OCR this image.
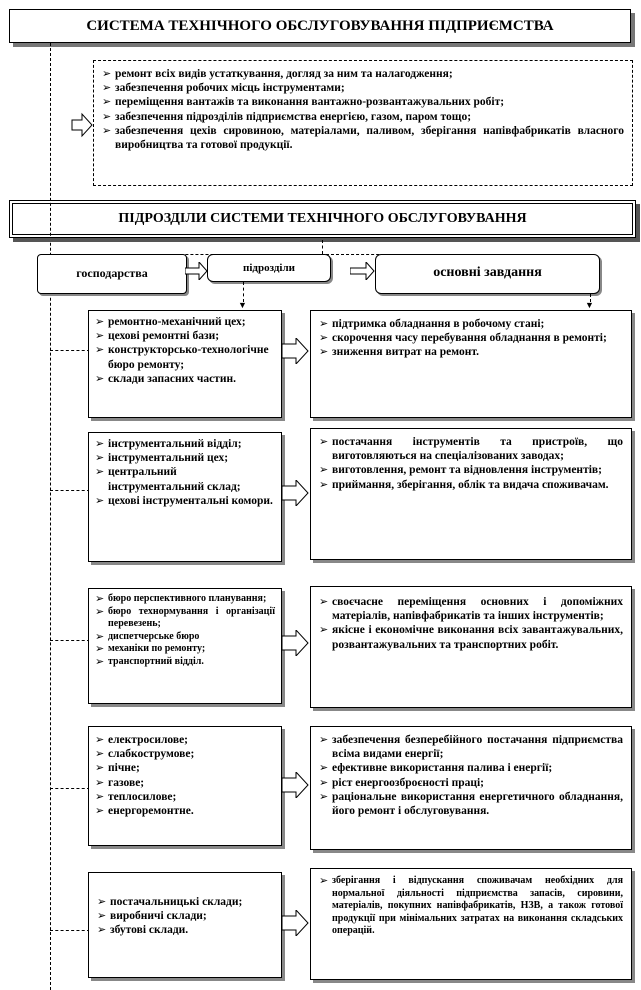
СИСТЕМА ТЕХНІЧНОГО ОБСЛУГОВУВАННЯ ПІДПРИЄМСТВА
➢ ремонт всіх видів устаткування, догляд за ним та налагодження;
➢ забезпечення робочих місць інструментами;
➢ переміщення вантажів та виконання вантажно-розвантажувальних робіт;
➢ забезпечення підрозділів підприємства енергією, газом, паром тощо;
➢ забезпечення цехів сировиною, матеріалами, паливом, зберігання напівфабрикатів власного виробництва та готової продукції.
ПІДРОЗДІЛИ СИСТЕМИ ТЕХНІЧНОГО ОБСЛУГОВУВАННЯ
господарства	підрозділи	основні завдання
▼	▼
➢ ремонтно-механічний цех;
➢ цехові ремонтні бази;
➢ конструкторсько-технологічне бюро ремонту;
➢ склади запасних частин.
➢ підтримка обладнання в робочому стані;
➢ скорочення часу перебування обладнання в ремонті;
➢ зниження витрат на ремонт.
➢ інструментальний відділ;
➢ інструментальний цех;
➢ центральний інструментальний склад;
➢ цехові інструментальні комори.
➢ постачання інструментів та пристроїв, що виготовляються на спеціалізованих заводах;
➢ виготовлення, ремонт та відновлення інструментів;
➢ приймання, зберігання, облік та видача споживачам.
➢ бюро перспективного планування;
➢ бюро технормування і організації перевезень;
➢ диспетчерське бюро
➢ механіки по ремонту;
➢ транспортний відділ.
➢ своєчасне переміщення основних і допоміжних матеріалів, напівфабрикатів та інших інструментів;
➢ якісне і економічне виконання всіх завантажувальних, розвантажувальних та транспортних робіт.
➢ електросилове;
➢ слабкострумове;
➢ пічне;
➢ газове;
➢ теплосилове;
➢ енергоремонтне.
➢ забезпечення безперебійного постачання підприємства всіма видами енергії;
➢ ефективне використання палива і енергії;
➢ ріст енергоозброєності праці;
➢ раціональне використання енергетичного обладнання, його ремонт і обслуговування.
➢ постачальницькі склади;
➢ виробничі склади;
➢ збутові склади.
➢ зберігання і відпускання споживачам необхідних для нормальної діяльності підприємства запасів, сировини, матеріалів, покупних напівфабрикатів, НЗВ, а також готової продукції при мінімальних затратах на виконання складських операцій.
